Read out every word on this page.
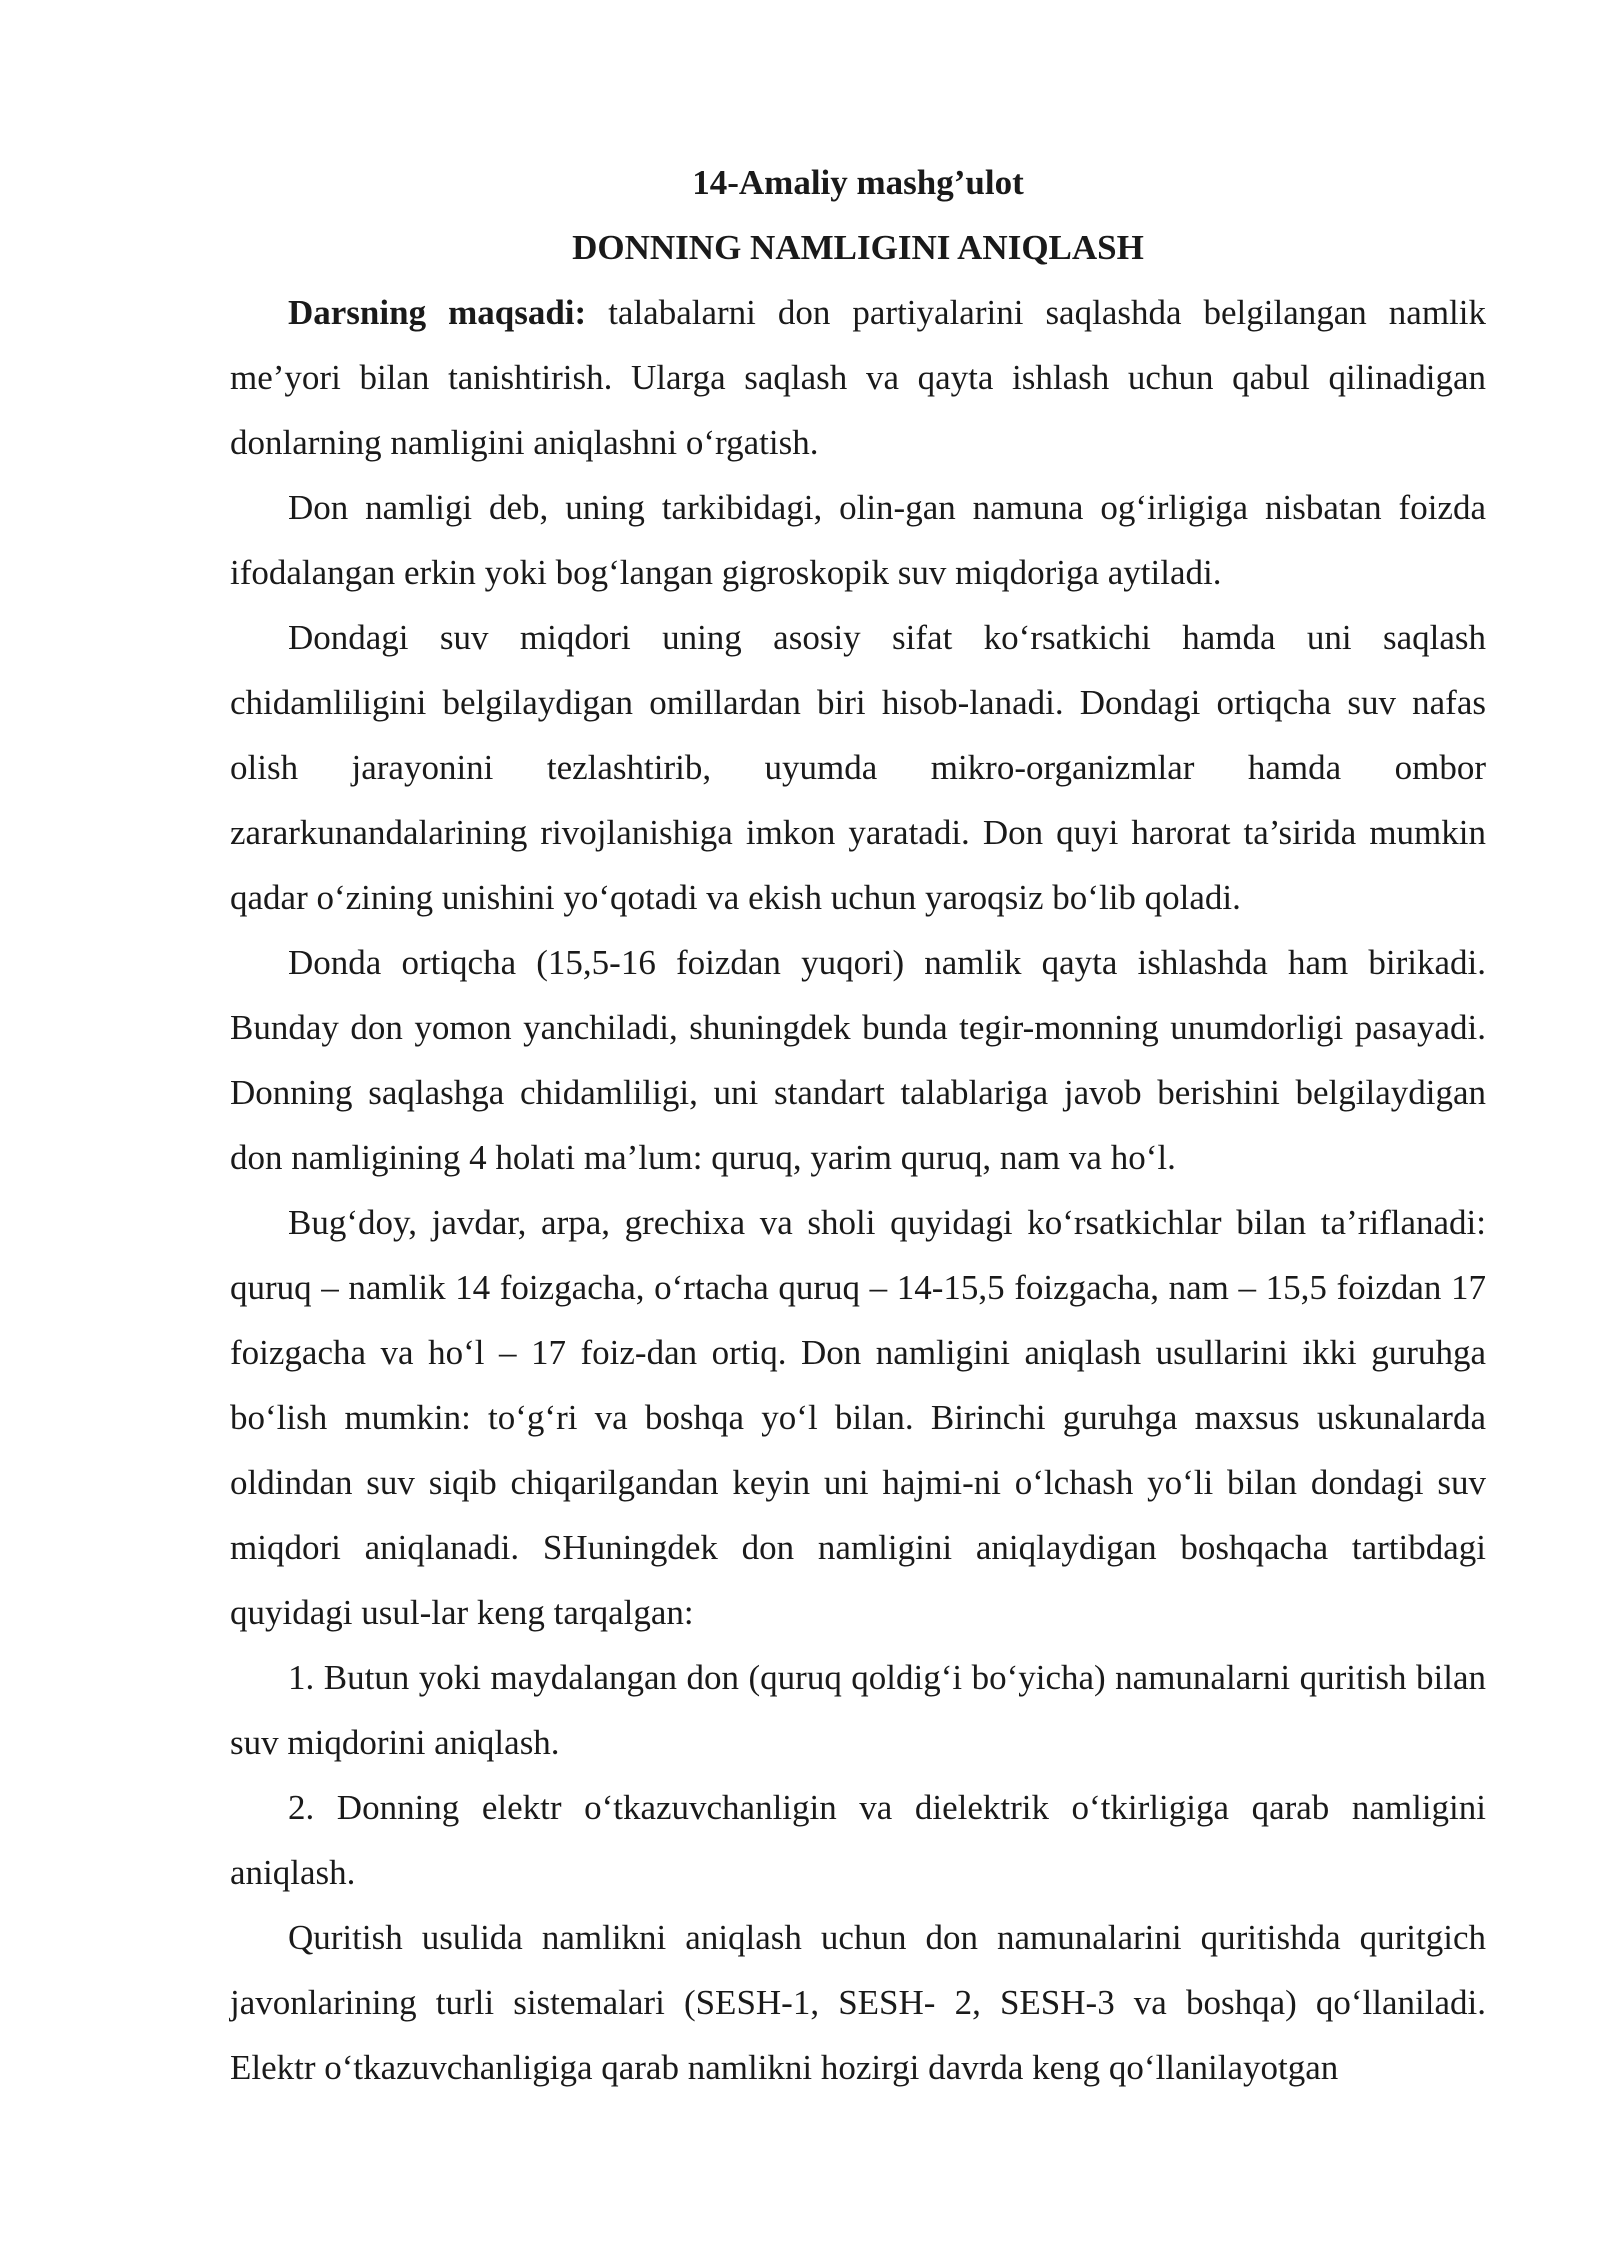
14-Amaliy mashg’ulot

DONNING NAMLIGINI ANIQLASH

Darsning maqsadi: talabalarni don partiyalarini saqlashda belgilangan namlik me’yori bilan tanishtirish. Ularga saqlash va qayta ishlash uchun qabul qilinadigan donlarning namligini aniqlashni o‘rgatish.

Don namligi deb, uning tarkibidagi, olin-gan namuna og‘irligiga nisbatan foizda ifodalangan erkin yoki bog‘langan gigroskopik suv miqdoriga aytiladi.

Dondagi suv miqdori uning asosiy sifat ko‘rsatkichi hamda uni saqlash chidamliligini belgilaydigan omillardan biri hisob-lanadi. Dondagi ortiqcha suv nafas olish jarayonini tezlashtirib, uyumda mikro-organizmlar hamda ombor zararkunandalarining rivojlanishiga imkon yaratadi. Don quyi harorat ta’sirida mumkin qadar o‘zining unishini yo‘qotadi va ekish uchun yaroqsiz bo‘lib qoladi.

Donda ortiqcha (15,5-16 foizdan yuqori) namlik qayta ishlashda ham birikadi. Bunday don yomon yanchiladi, shuningdek bunda tegir-monning unumdorligi pasayadi. Donning saqlashga chidamliligi, uni standart talablariga javob berishini belgilaydigan don namligining 4 holati ma’lum: quruq, yarim quruq, nam va ho‘l.

Bug‘doy, javdar, arpa, grechixa va sholi quyidagi ko‘rsatkichlar bilan ta’riflanadi: quruq – namlik 14 foizgacha, o‘rtacha quruq – 14-15,5 foizgacha, nam – 15,5 foizdan 17 foizgacha va ho‘l – 17 foiz-dan ortiq. Don namligini aniqlash usullarini ikki guruhga bo‘lish mumkin: to‘g‘ri va boshqa yo‘l bilan. Birinchi guruhga maxsus uskunalarda oldindan suv siqib chiqarilgandan keyin uni hajmi-ni o‘lchash yo‘li bilan dondagi suv miqdori aniqlanadi. SHuningdek don namligini aniqlaydigan boshqacha tartibdagi quyidagi usul-lar keng tarqalgan:

1. Butun yoki maydalangan don (quruq qoldig‘i bo‘yicha) namunalarni quritish bilan suv miqdorini aniqlash.

2. Donning elektr o‘tkazuvchanligin va dielektrik o‘tkirligiga qarab namligini aniqlash.

Quritish usulida namlikni aniqlash uchun don namunalarini quritishda quritgich javonlarining turli sistemalari (SESH-1, SESH- 2, SESH-3 va boshqa) qo‘llaniladi. Elektr o‘tkazuvchanligiga qarab namlikni hozirgi davrda keng qo‘llanilayotgan
